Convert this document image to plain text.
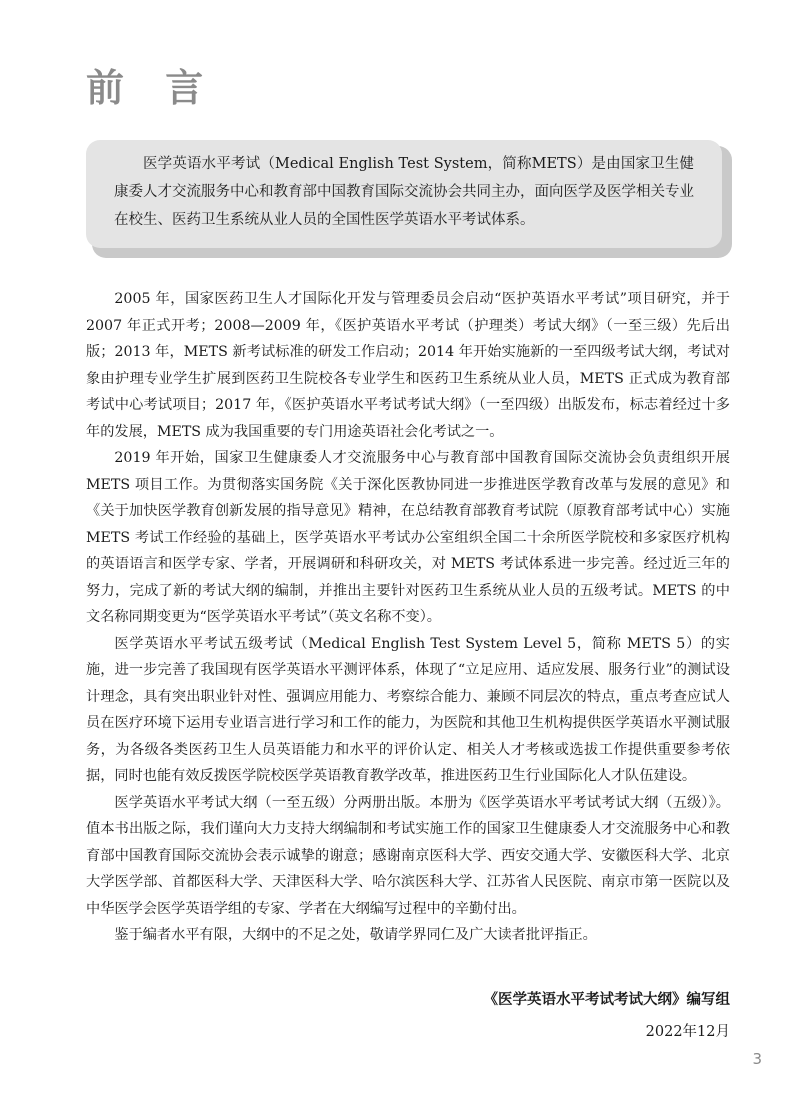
前 言

医学英语水平考试（Medical English Test System，简称METS）是由国家卫生健康委人才交流服务中心和教育部中国教育国际交流协会共同主办，面向医学及医学相关专业在校生、医药卫生系统从业人员的全国性医学英语水平考试体系。

2005 年，国家医药卫生人才国际化开发与管理委员会启动“医护英语水平考试”项目研究，并于 2007 年正式开考；2008—2009 年，《医护英语水平考试（护理类）考试大纲》（一至三级）先后出版；2013 年，METS 新考试标准的研发工作启动；2014 年开始实施新的一至四级考试大纲，考试对象由护理专业学生扩展到医药卫生院校各专业学生和医药卫生系统从业人员，METS 正式成为教育部考试中心考试项目；2017 年，《医护英语水平考试考试大纲》（一至四级）出版发布，标志着经过十多年的发展，METS 成为我国重要的专门用途英语社会化考试之一。

2019 年开始，国家卫生健康委人才交流服务中心与教育部中国教育国际交流协会负责组织开展 METS 项目工作。为贯彻落实国务院《关于深化医教协同进一步推进医学教育改革与发展的意见》和《关于加快医学教育创新发展的指导意见》精神，在总结教育部教育考试院（原教育部考试中心）实施 METS 考试工作经验的基础上，医学英语水平考试办公室组织全国二十余所医学院校和多家医疗机构的英语语言和医学专家、学者，开展调研和科研攻关，对 METS 考试体系进一步完善。经过近三年的努力，完成了新的考试大纲的编制，并推出主要针对医药卫生系统从业人员的五级考试。METS 的中文名称同期变更为“医学英语水平考试”（英文名称不变）。

医学英语水平考试五级考试（Medical English Test System Level 5，简称 METS 5）的实施，进一步完善了我国现有医学英语水平测评体系，体现了“立足应用、适应发展、服务行业”的测试设计理念，具有突出职业针对性、强调应用能力、考察综合能力、兼顾不同层次的特点，重点考查应试人员在医疗环境下运用专业语言进行学习和工作的能力，为医院和其他卫生机构提供医学英语水平测试服务，为各级各类医药卫生人员英语能力和水平的评价认定、相关人才考核或选拔工作提供重要参考依据，同时也能有效反拨医学院校医学英语教育教学改革，推进医药卫生行业国际化人才队伍建设。

医学英语水平考试大纲（一至五级）分两册出版。本册为《医学英语水平考试考试大纲（五级）》。值本书出版之际，我们谨向大力支持大纲编制和考试实施工作的国家卫生健康委人才交流服务中心和教育部中国教育国际交流协会表示诚挚的谢意；感谢南京医科大学、西安交通大学、安徽医科大学、北京大学医学部、首都医科大学、天津医科大学、哈尔滨医科大学、江苏省人民医院、南京市第一医院以及中华医学会医学英语学组的专家、学者在大纲编写过程中的辛勤付出。

鉴于编者水平有限，大纲中的不足之处，敬请学界同仁及广大读者批评指正。

《医学英语水平考试考试大纲》编写组
2022年12月
3
